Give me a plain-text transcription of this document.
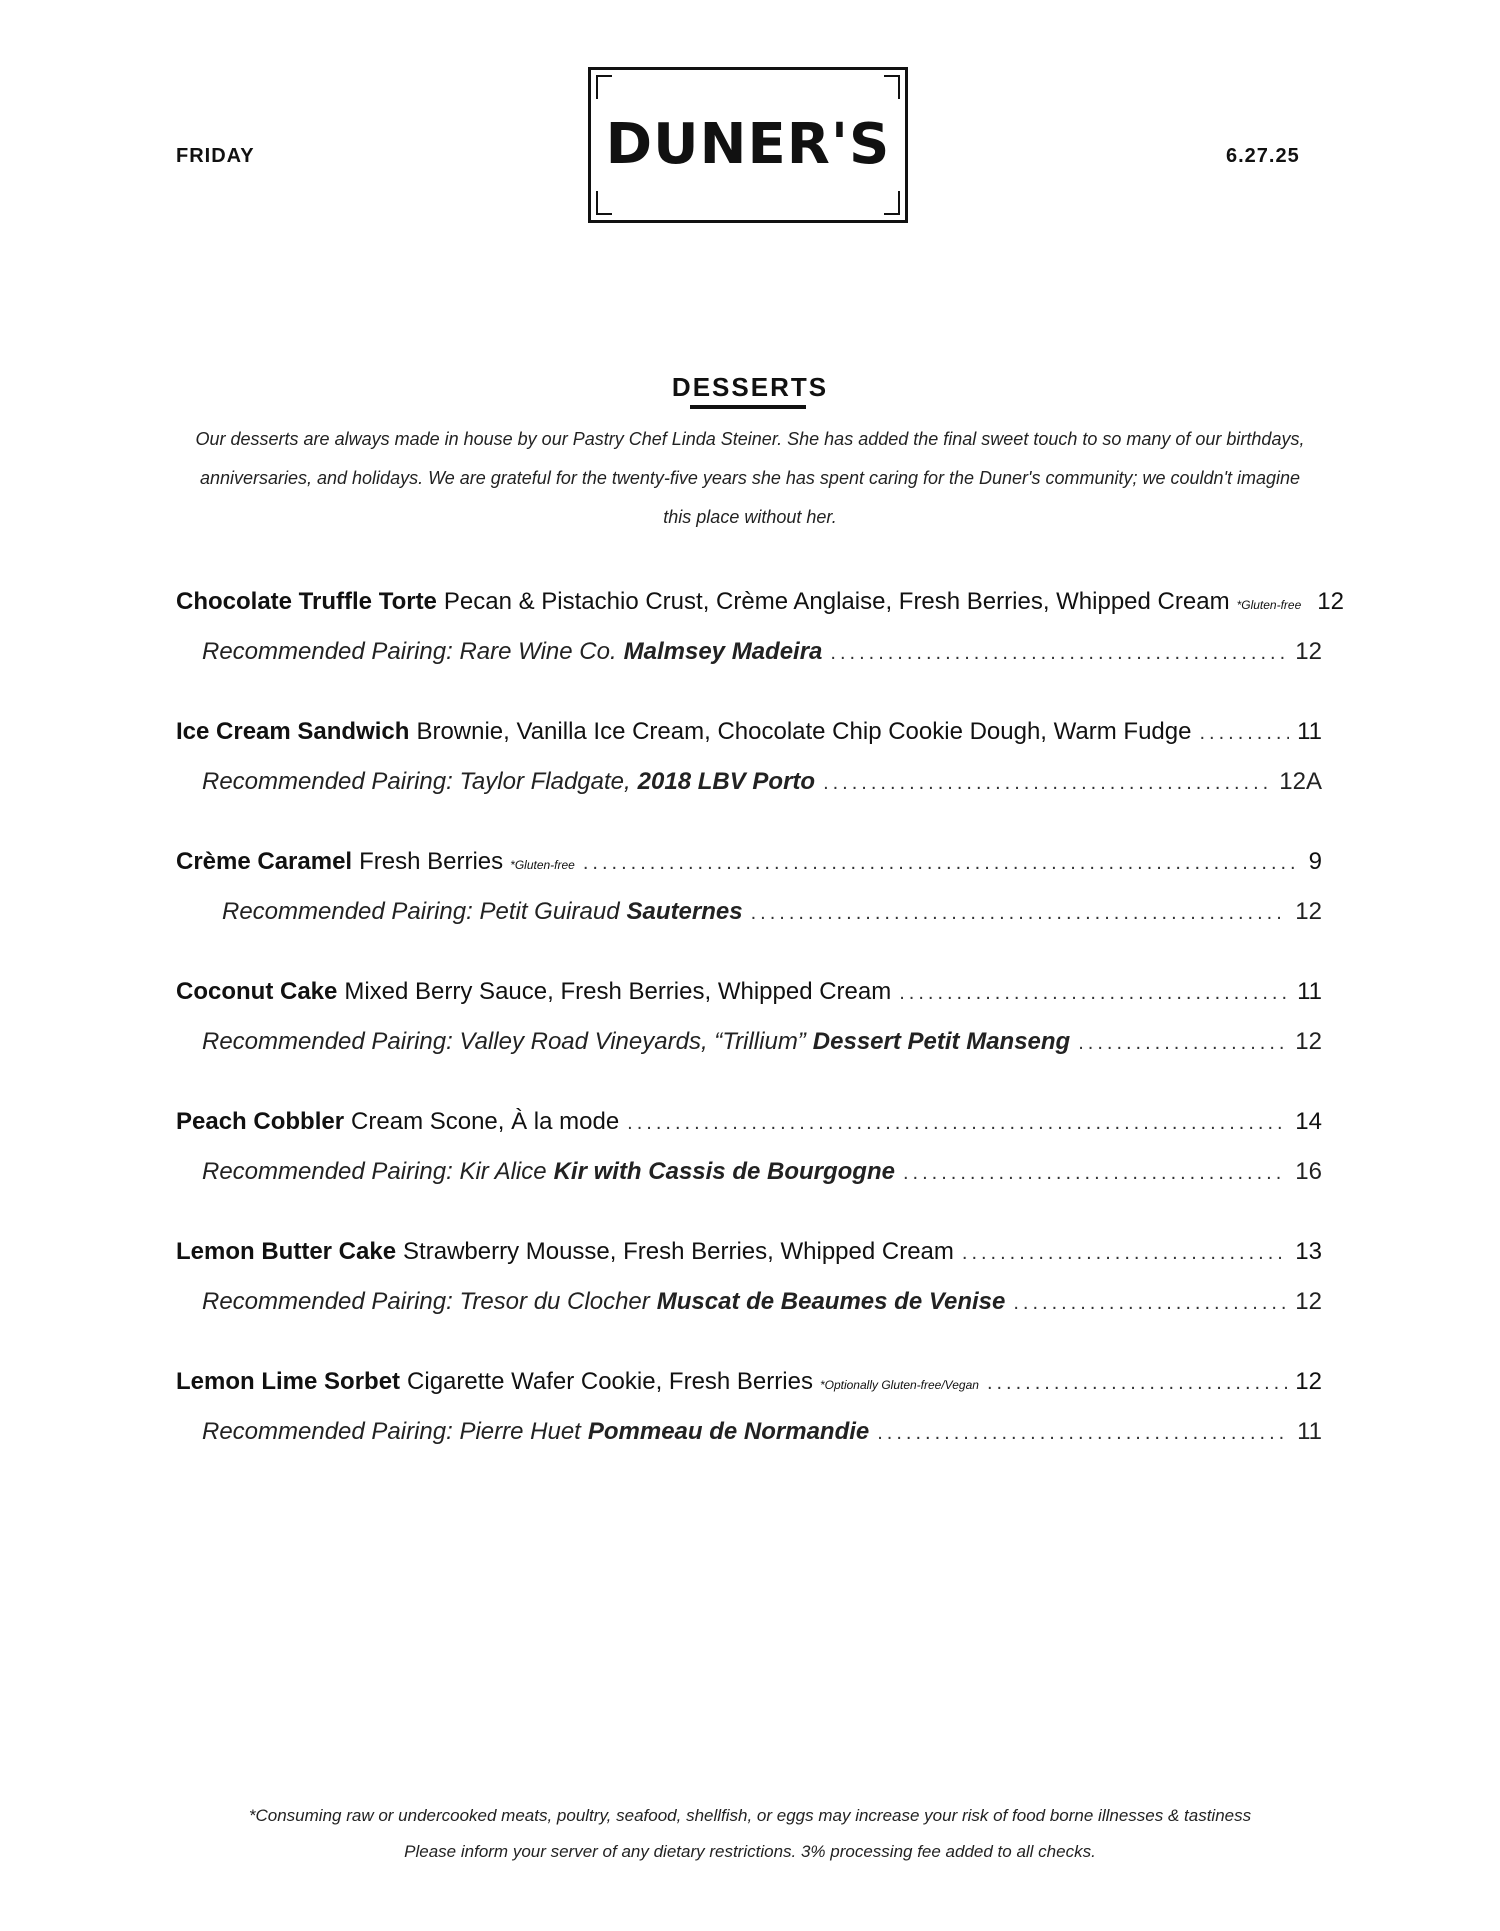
FRIDAY	6.27.25
DUNER'S
DESSERTS
Our desserts are always made in house by our Pastry Chef Linda Steiner. She has added the final sweet touch to so many of our birthdays, anniversaries, and holidays. We are grateful for the twenty-five years she has spent caring for the Duner's community; we couldn't imagine this place without her.
Chocolate Truffle Torte Pecan & Pistachio Crust, Crème Anglaise, Fresh Berries, Whipped Cream *Gluten-free 12
Recommended Pairing: Rare Wine Co. Malmsey Madeira .....	12
Ice Cream Sandwich Brownie, Vanilla Ice Cream, Chocolate Chip Cookie Dough, Warm Fudge .....	11
Recommended Pairing: Taylor Fladgate, 2018 LBV Porto .....	12A
Crème Caramel Fresh Berries *Gluten-free .....	9
Recommended Pairing: Petit Guiraud Sauternes .....	12
Coconut Cake Mixed Berry Sauce, Fresh Berries, Whipped Cream .....	11
Recommended Pairing: Valley Road Vineyards, “Trillium” Dessert Petit Manseng .....	12
Peach Cobbler Cream Scone, À la mode .....	14
Recommended Pairing: Kir Alice Kir with Cassis de Bourgogne .....	16
Lemon Butter Cake Strawberry Mousse, Fresh Berries, Whipped Cream .....	13
Recommended Pairing: Tresor du Clocher Muscat de Beaumes de Venise .....	12
Lemon Lime Sorbet Cigarette Wafer Cookie, Fresh Berries *Optionally Gluten-free/Vegan .....	12
Recommended Pairing: Pierre Huet Pommeau de Normandie .....	11
*Consuming raw or undercooked meats, poultry, seafood, shellfish, or eggs may increase your risk of food borne illnesses & tastiness
Please inform your server of any dietary restrictions. 3% processing fee added to all checks.
